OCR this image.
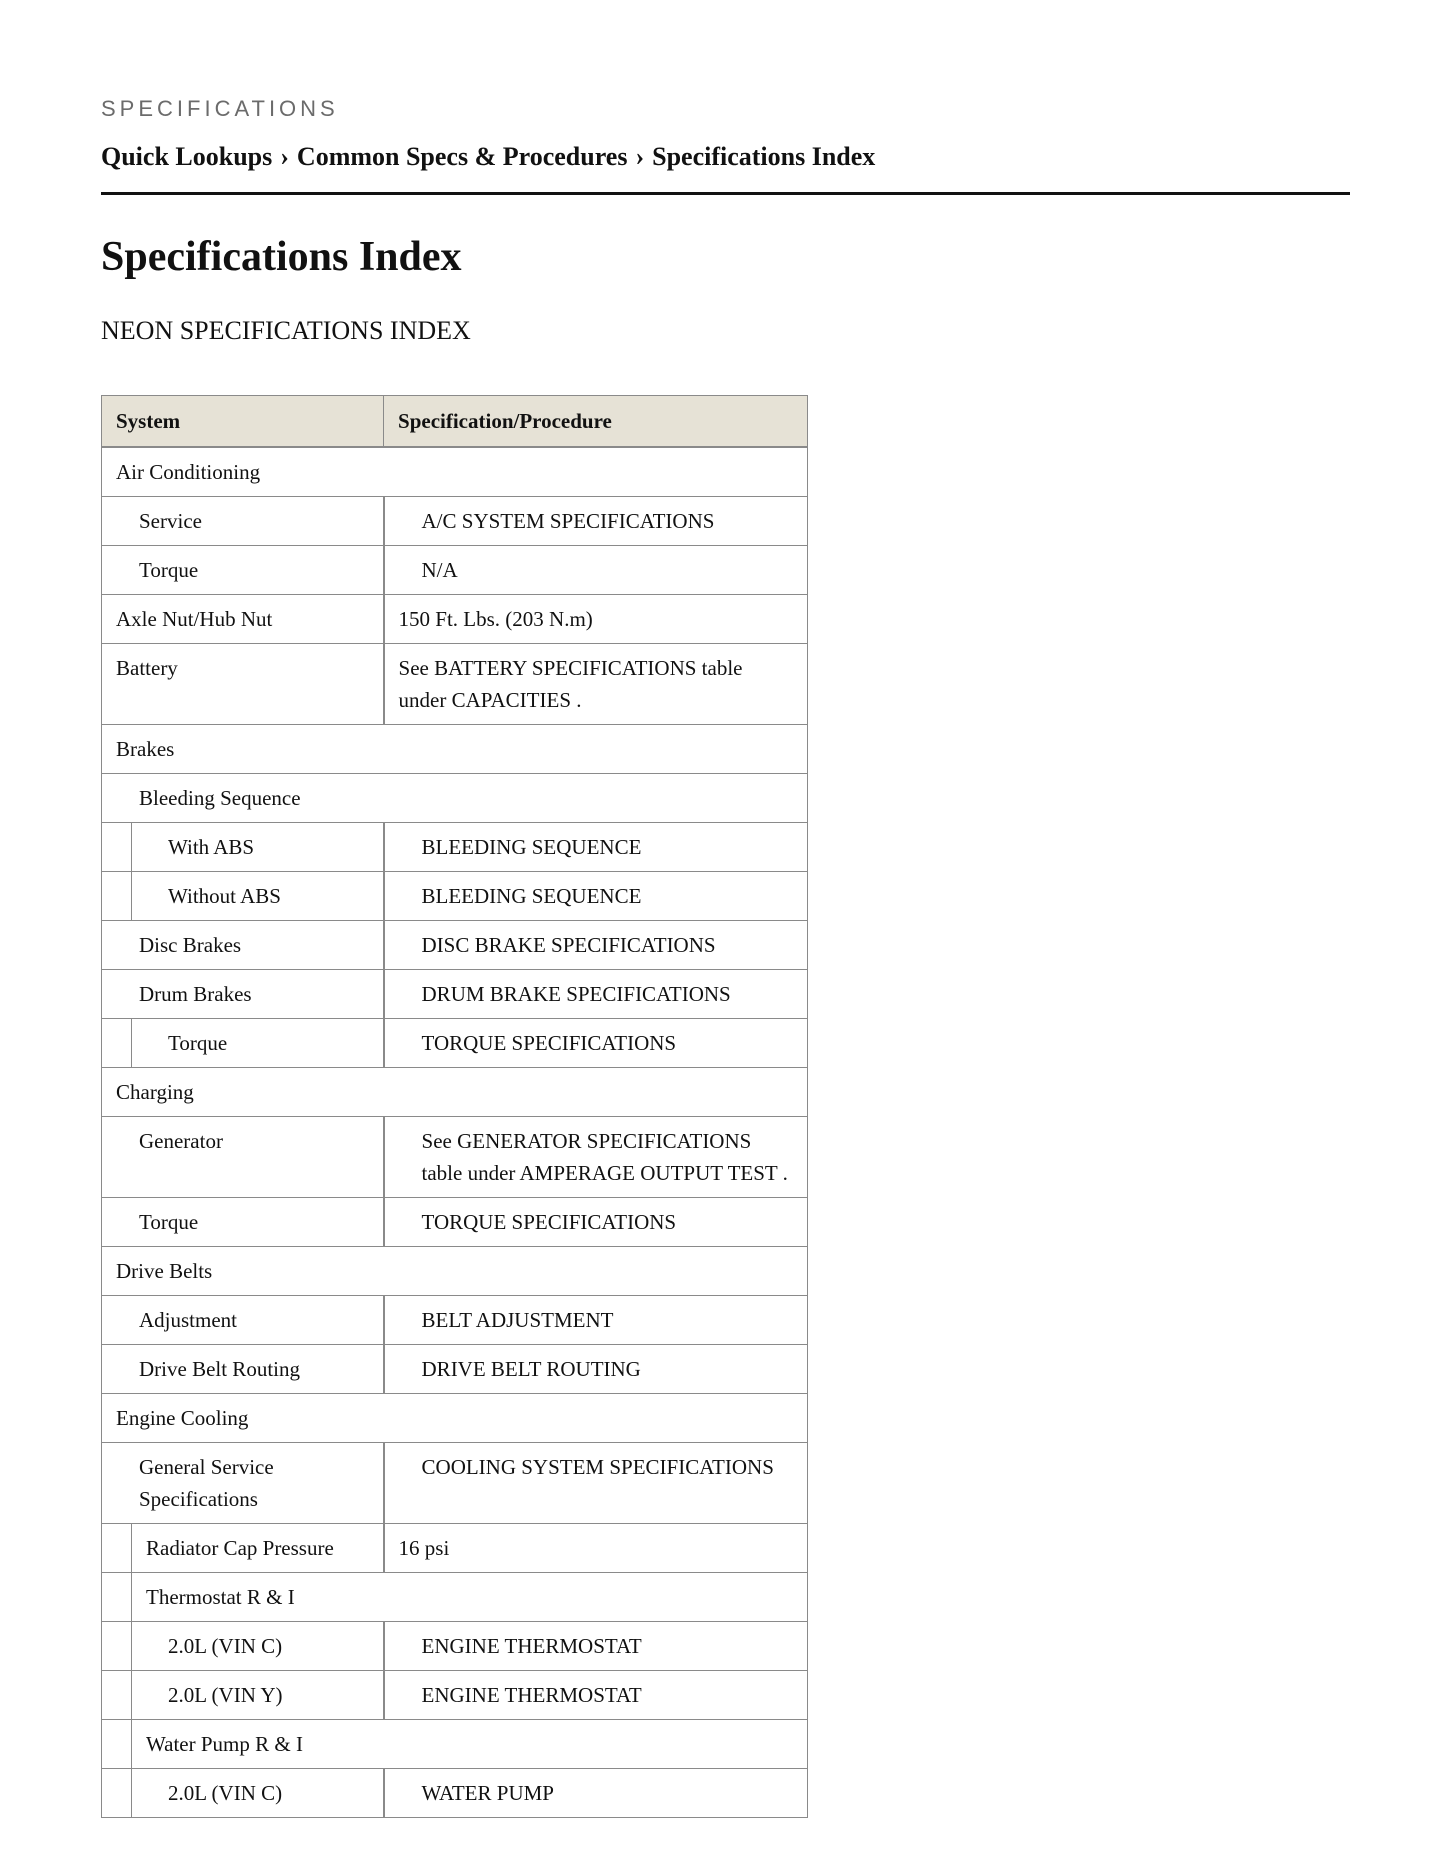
SPECIFICATIONS

Quick Lookups › Common Specs & Procedures › Specifications Index
Specifications Index
NEON SPECIFICATIONS INDEX
System		Specification/Procedure
Air Conditioning		
Service		A/C SYSTEM SPECIFICATIONS
Torque		N/A
Axle Nut/Hub Nut		150 Ft. Lbs. (203 N.m)
Battery		See BATTERY SPECIFICATIONS table under CAPACITIES .
Brakes		
Bleeding Sequence		
	With ABS	BLEEDING SEQUENCE
	Without ABS	BLEEDING SEQUENCE
Disc Brakes		DISC BRAKE SPECIFICATIONS
Drum Brakes		DRUM BRAKE SPECIFICATIONS
	Torque	TORQUE SPECIFICATIONS
Charging		
Generator		See GENERATOR SPECIFICATIONS table under AMPERAGE OUTPUT TEST .
Torque		TORQUE SPECIFICATIONS
Drive Belts		
Adjustment		BELT ADJUSTMENT
Drive Belt Routing		DRIVE BELT ROUTING
Engine Cooling		
General Service Specifications		COOLING SYSTEM SPECIFICATIONS
	Radiator Cap Pressure	16 psi
	Thermostat R & I	
	2.0L (VIN C)	ENGINE THERMOSTAT
	2.0L (VIN Y)	ENGINE THERMOSTAT
	Water Pump R & I	
	2.0L (VIN C)	WATER PUMP
